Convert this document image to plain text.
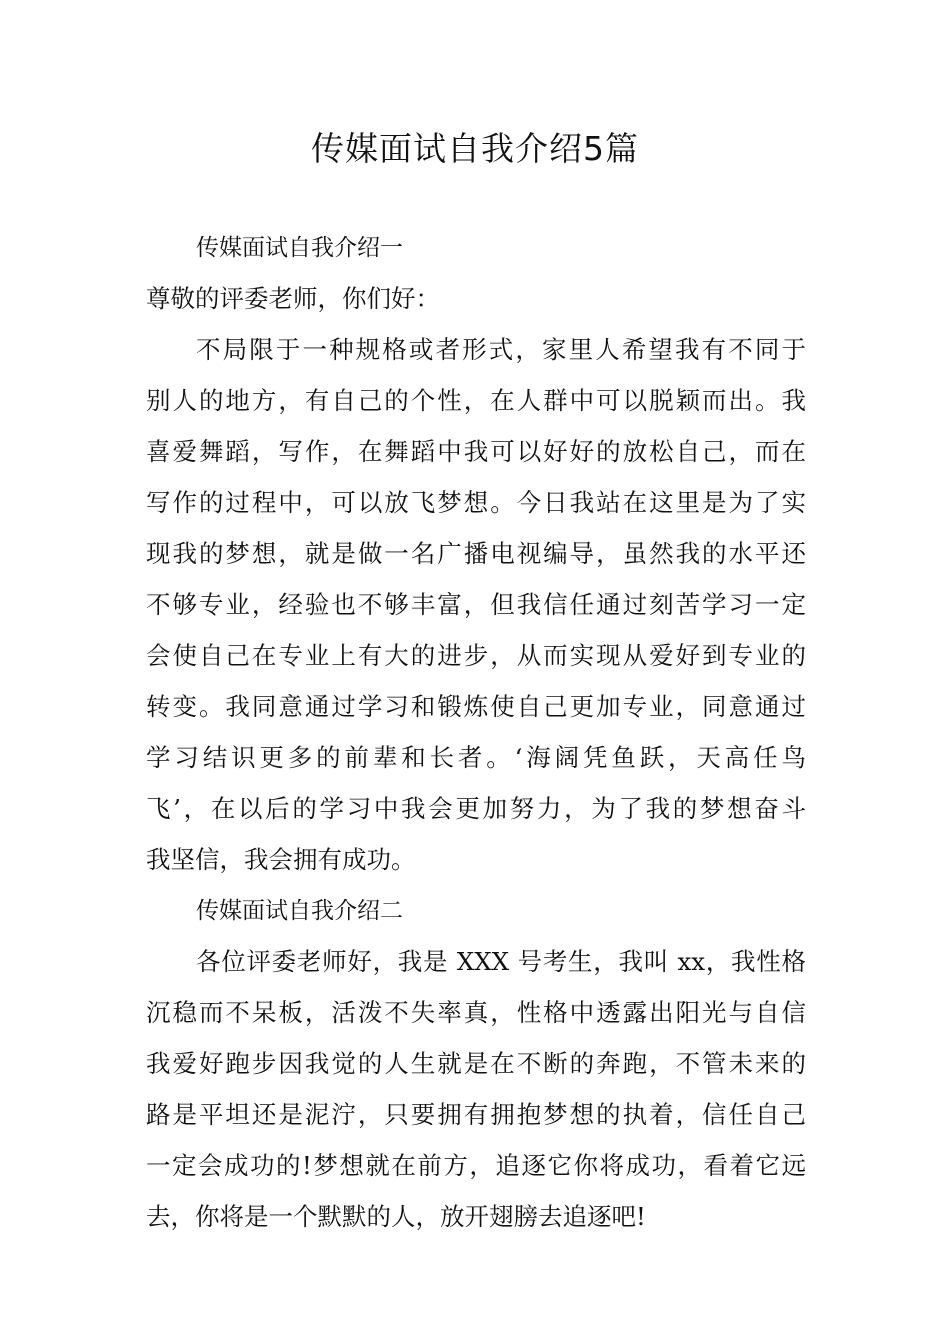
传媒面试自我介绍5篇
传媒面试自我介绍一
尊敬的评委老师，你们好：
不局限于一种规格或者形式，家里人希望我有不同于
别人的地方，有自己的个性，在人群中可以脱颖而出。我
喜爱舞蹈，写作，在舞蹈中我可以好好的放松自己，而在
写作的过程中，可以放飞梦想。今日我站在这里是为了实
现我的梦想，就是做一名广播电视编导，虽然我的水平还
不够专业，经验也不够丰富，但我信任通过刻苦学习一定
会使自己在专业上有大的进步，从而实现从爱好到专业的
转变。我同意通过学习和锻炼使自己更加专业，同意通过
学习结识更多的前辈和长者。‘海阔凭鱼跃，天高任鸟
飞’，在以后的学习中我会更加努力，为了我的梦想奋斗
我坚信，我会拥有成功。
传媒面试自我介绍二
各位评委老师好，我是 XXX 号考生，我叫 xx，我性格
沉稳而不呆板，活泼不失率真，性格中透露出阳光与自信
我爱好跑步因我觉的人生就是在不断的奔跑，不管未来的
路是平坦还是泥泞，只要拥有拥抱梦想的执着，信任自己
一定会成功的!梦想就在前方，追逐它你将成功，看着它远
去，你将是一个默默的人，放开翅膀去追逐吧!
